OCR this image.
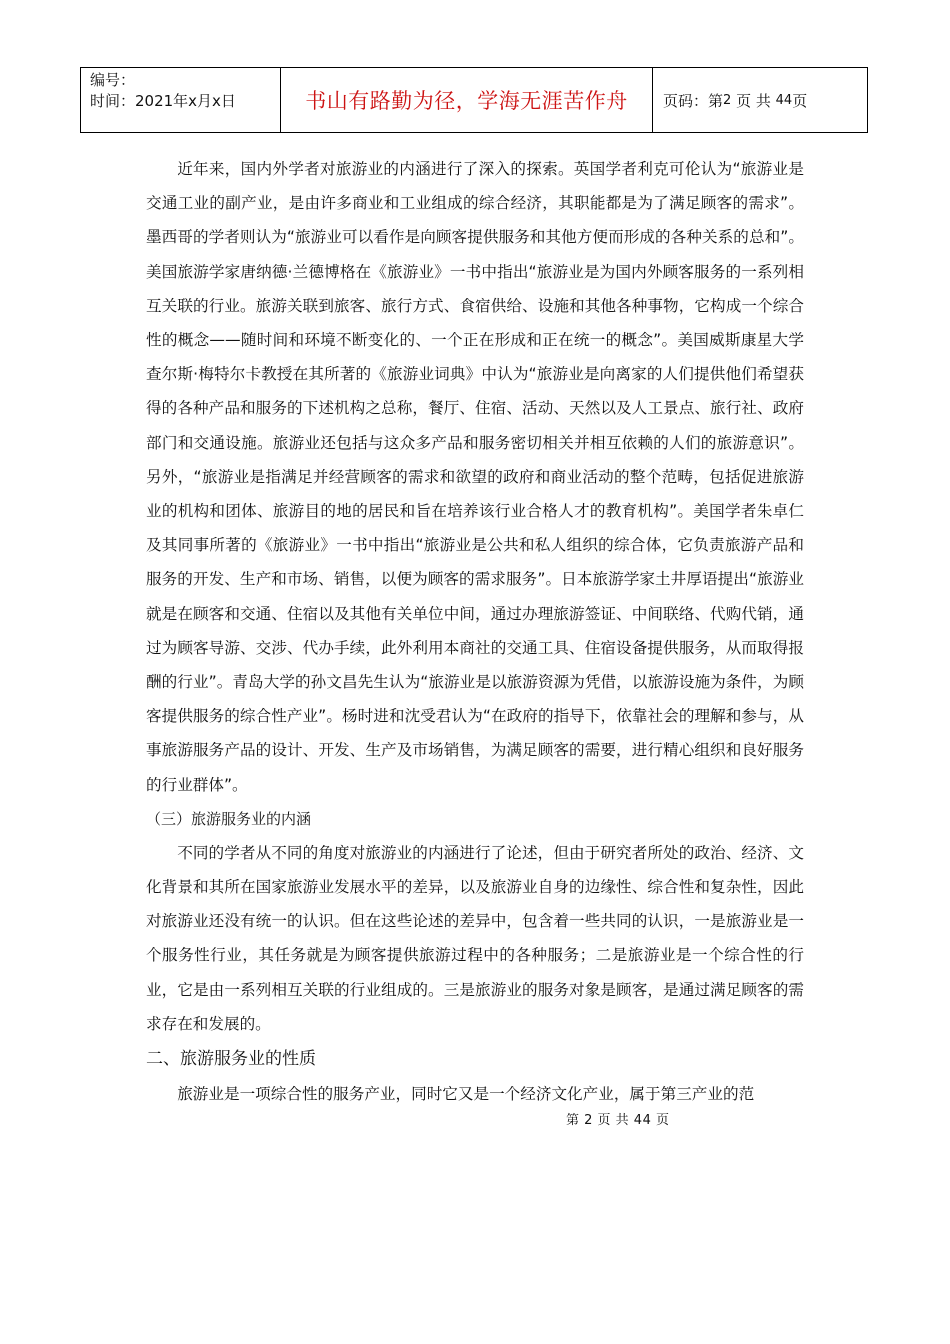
编号：
时间：2021年x月x日	书山有路勤为径，学海无涯苦作舟	页码：第 2
页 共
44 页

近年来，国内外学者对旅游业的内涵进行了深入的探索。英国学者利克可伦认为“旅游业是交通工业的副产业，是由许多商业和工业组成的综合经济，其职能都是为了满足顾客的需求”。墨西哥的学者则认为“旅游业可以看作是向顾客提供服务和其他方便而形成的各种关系的总和”。美国旅游学家唐纳德·兰德博格在《旅游业》一书中指出“旅游业是为国内外顾客服务的一系列相互关联的行业。旅游关联到旅客、旅行方式、食宿供给、设施和其他各种事物，它构成一个综合性的概念——随时间和环境不断变化的、一个正在形成和正在统一的概念”。美国威斯康星大学查尔斯·梅特尔卡教授在其所著的《旅游业词典》中认为“旅游业是向离家的人们提供他们希望获得的各种产品和服务的下述机构之总称，餐厅、住宿、活动、天然以及人工景点、旅行社、政府部门和交通设施。旅游业还包括与这众多产品和服务密切相关并相互依赖的人们的旅游意识”。另外，“旅游业是指满足并经营顾客的需求和欲望的政府和商业活动的整个范畴，包括促进旅游业的机构和团体、旅游目的地的居民和旨在培养该行业合格人才的教育机构”。美国学者朱卓仁及其同事所著的《旅游业》一书中指出“旅游业是公共和私人组织的综合体，它负责旅游产品和服务的开发、生产和市场、销售，以便为顾客的需求服务”。日本旅游学家土井厚语提出“旅游业就是在顾客和交通、住宿以及其他有关单位中间，通过办理旅游签证、中间联络、代购代销，通过为顾客导游、交涉、代办手续，此外利用本商社的交通工具、住宿设备提供服务，从而取得报酬的行业”。青岛大学的孙文昌先生认为“旅游业是以旅游资源为凭借，以旅游设施为条件，为顾客提供服务的综合性产业”。杨时进和沈受君认为“在政府的指导下，依靠社会的理解和参与，从事旅游服务产品的设计、开发、生产及市场销售，为满足顾客的需要，进行精心组织和良好服务的行业群体”。

（三）旅游服务业的内涵

不同的学者从不同的角度对旅游业的内涵进行了论述，但由于研究者所处的政治、经济、文化背景和其所在国家旅游业发展水平的差异，以及旅游业自身的边缘性、综合性和复杂性，因此对旅游业还没有统一的认识。但在这些论述的差异中，包含着一些共同的认识，一是旅游业是一个服务性行业，其任务就是为顾客提供旅游过程中的各种服务；二是旅游业是一个综合性的行业，它是由一系列相互关联的行业组成的。三是旅游业的服务对象是顾客，是通过满足顾客的需求存在和发展的。

二、旅游服务业的性质

旅游业是一项综合性的服务产业，同时它又是一个经济文化产业，属于第三产业的范

第 2 页 共 44 页
